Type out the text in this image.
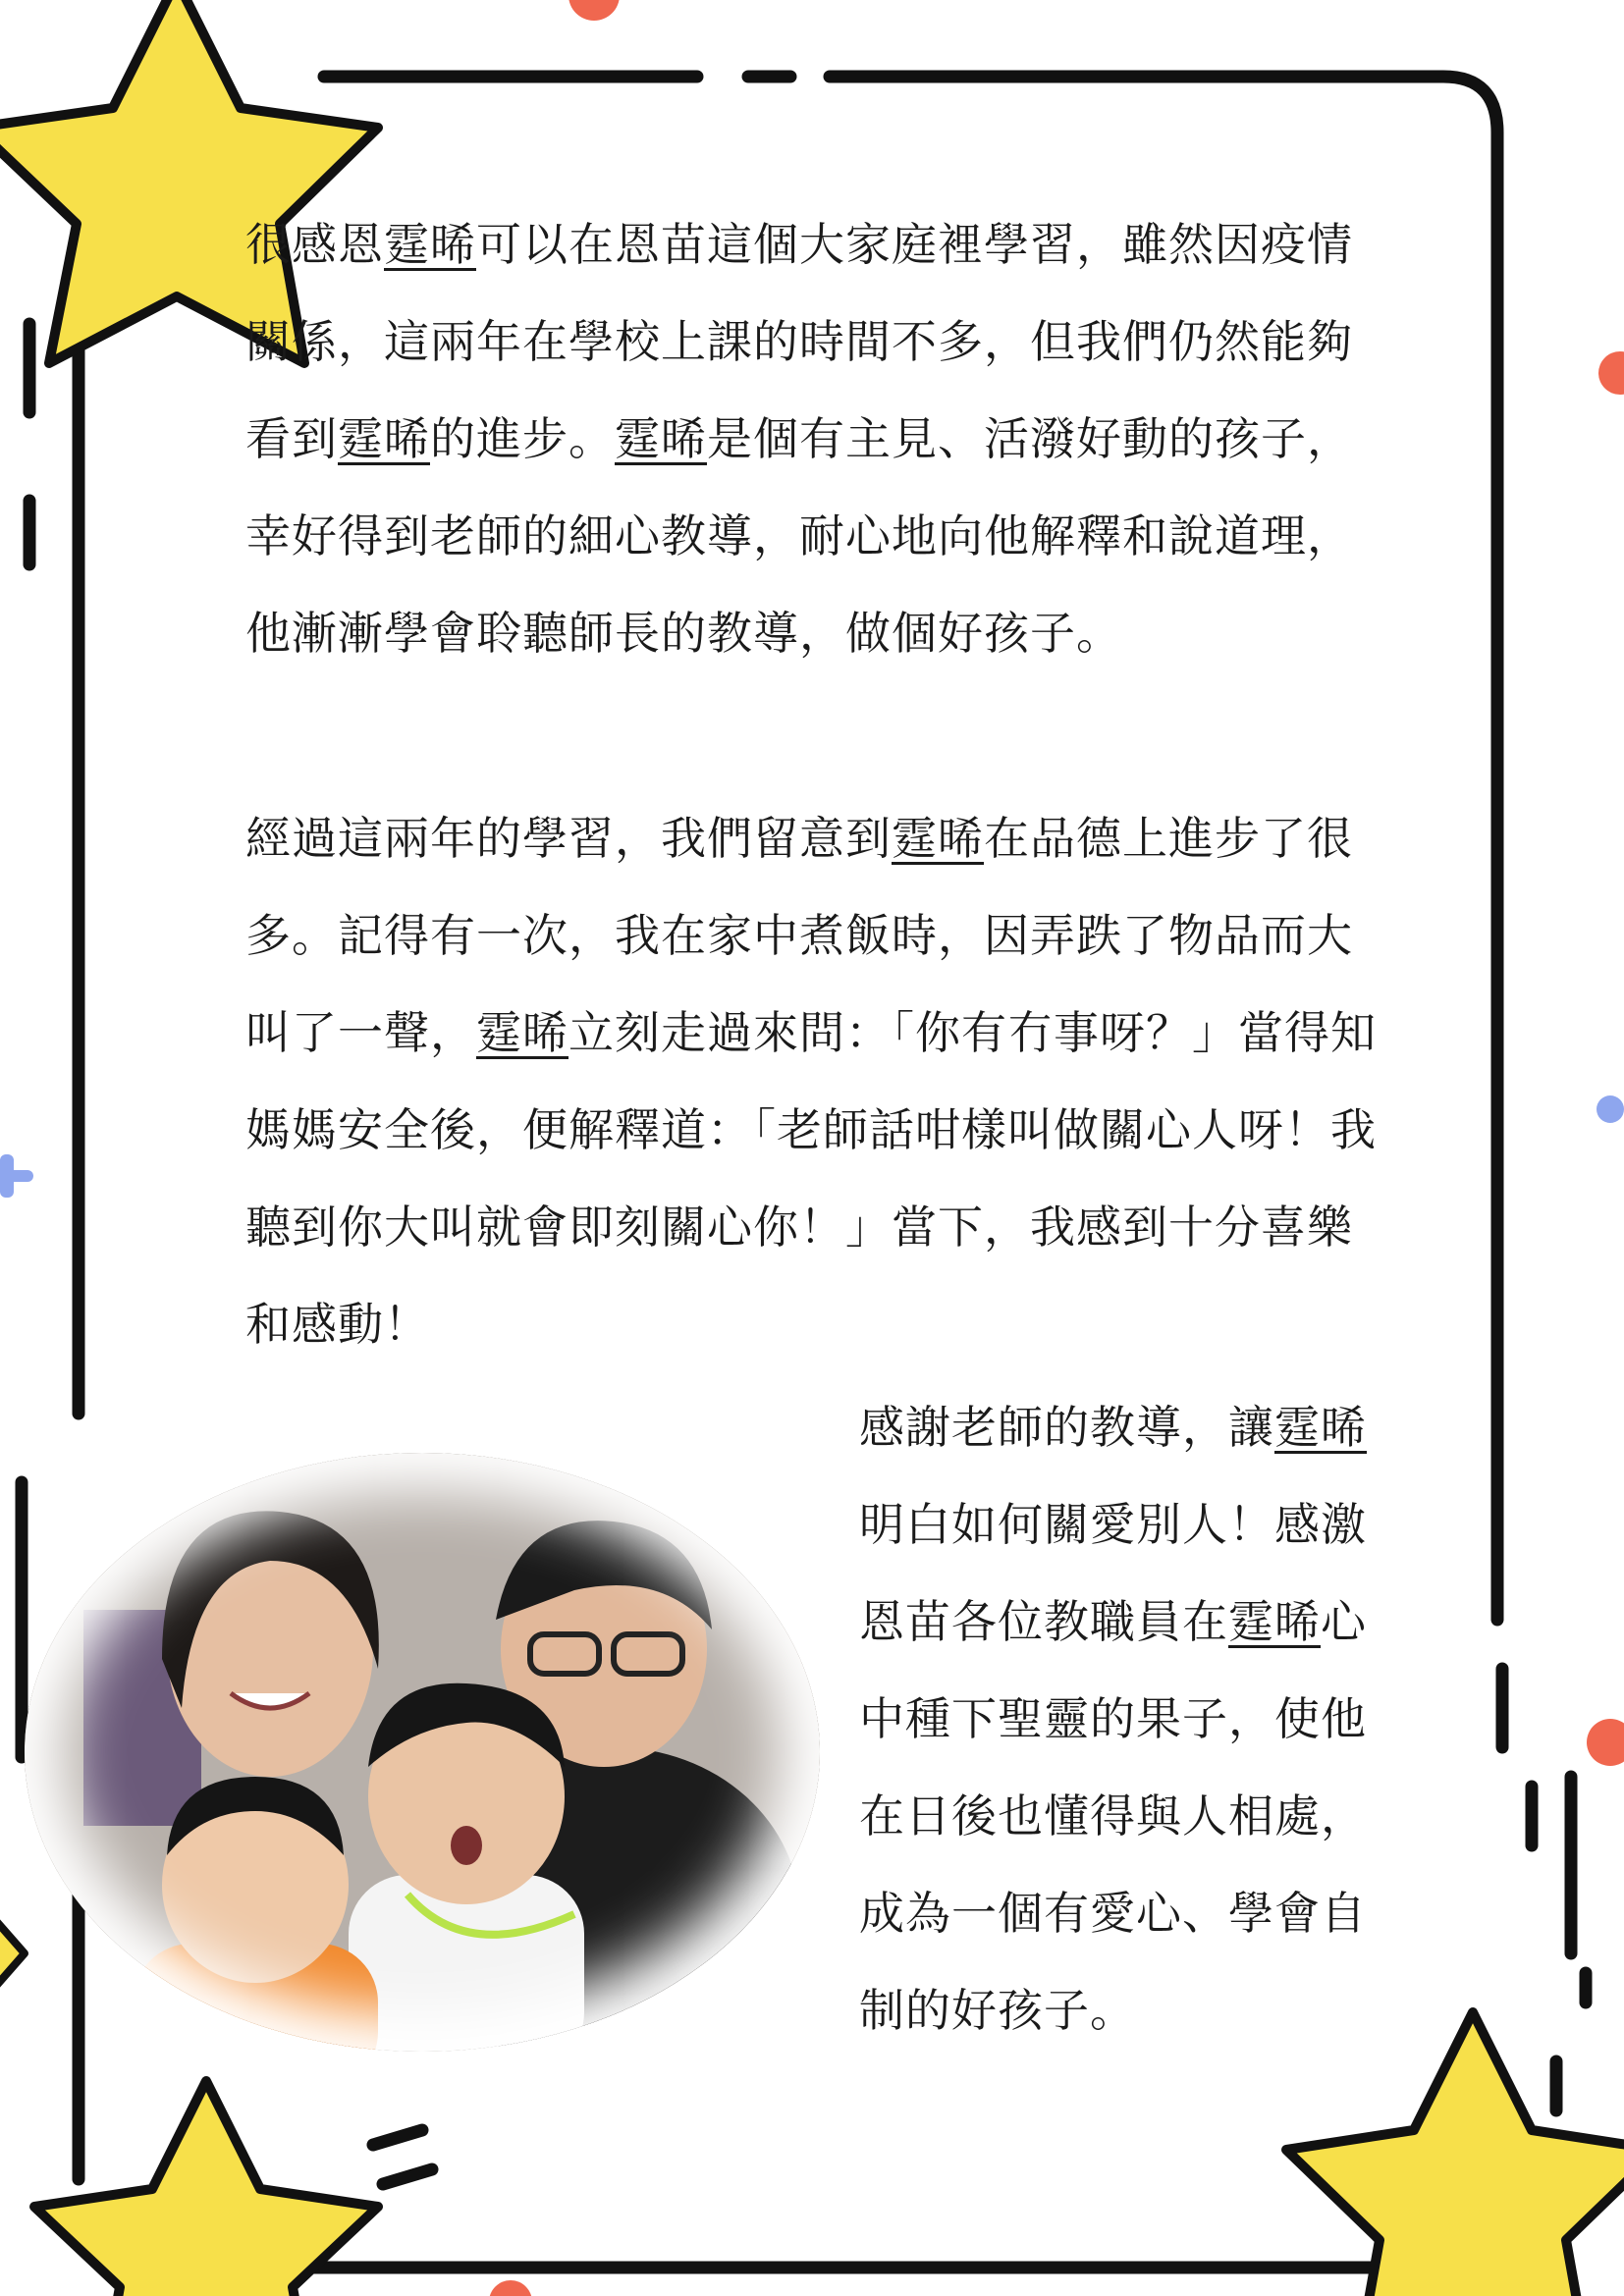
很感恩霆晞可以在恩苗這個大家庭裡學習，雖然因疫情關係，這兩年在學校上課的時間不多，但我們仍然能夠看到霆晞的進步。霆晞是個有主見、活潑好動的孩子，幸好得到老師的細心教導，耐心地向他解釋和說道理，他漸漸學會聆聽師長的教導，做個好孩子。

經過這兩年的學習，我們留意到霆晞在品德上進步了很多。記得有一次，我在家中煮飯時，因弄跌了物品而大叫了一聲，霆晞立刻走過來問：「你有冇事呀？」當得知媽媽安全後，便解釋道：「老師話咁樣叫做關心人呀！我聽到你大叫就會即刻關心你！」當下，我感到十分喜樂和感動！

感謝老師的教導，讓霆晞明白如何關愛別人！感激恩苗各位教職員在霆晞心中種下聖靈的果子，使他在日後也懂得與人相處，成為一個有愛心、學會自制的好孩子。
